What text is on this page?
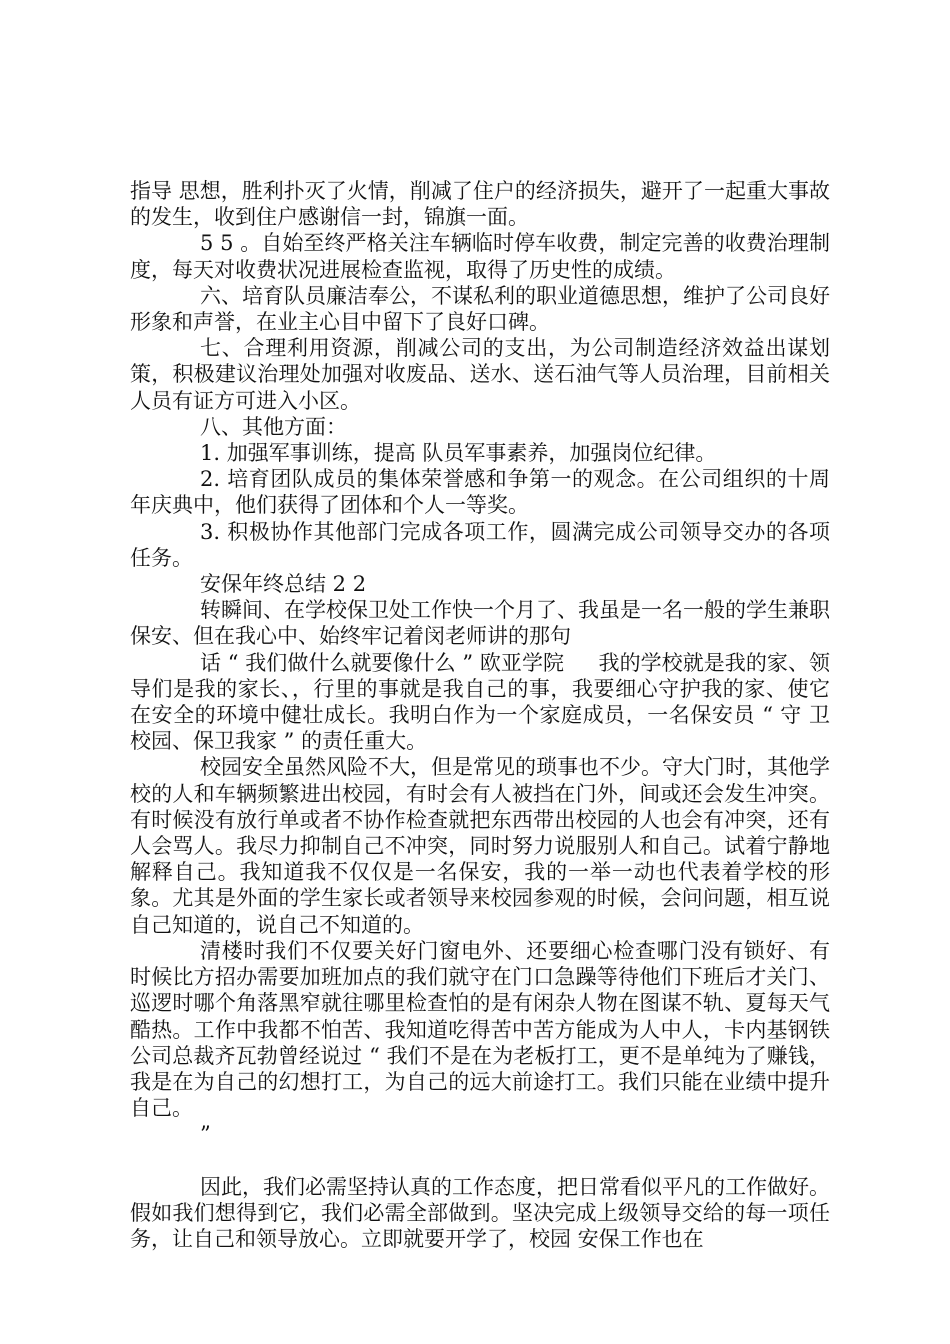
指导 思想，胜利扑灭了火情，削减了住户的经济损失，避开了一起重大事故的发生，收到住户感谢信一封，锦旗一面。

5 5 。自始至终严格关注车辆临时停车收费，制定完善的收费治理制度，每天对收费状况进展检查监视，取得了历史性的成绩。

六、培育队员廉洁奉公，不谋私利的职业道德思想，维护了公司良好形象和声誉，在业主心目中留下了良好口碑。

七、合理利用资源，削减公司的支出，为公司制造经济效益出谋划策，积极建议治理处加强对收废品、送水、送石油气等人员治理，目前相关人员有证方可进入小区。

八、其他方面：

1. 加强军事训练，提高 队员军事素养，加强岗位纪律。

2. 培育团队成员的集体荣誉感和争第一的观念。在公司组织的十周年庆典中，他们获得了团体和个人一等奖。

3. 积极协作其他部门完成各项工作，圆满完成公司领导交办的各项任务。

安保年终总结 2 2

转瞬间、在学校保卫处工作快一个月了、我虽是一名一般的学生兼职保安、但在我心中、始终牢记着闵老师讲的那句

话 “ 我们做什么就要像什么 ” 欧亚学院 　 我的学校就是我的家、领导们是我的家长、，行里的事就是我自己的事，我要细心守护我的家、使它在安全的环境中健壮成长。我明白作为一个家庭成员，一名保安员 “ 守 卫校园、保卫我家 ” 的责任重大。

校园安全虽然风险不大，但是常见的琐事也不少。守大门时，其他学校的人和车辆频繁进出校园，有时会有人被挡在门外，间或还会发生冲突。有时候没有放行单或者不协作检查就把东西带出校园的人也会有冲突，还有人会骂人。我尽力抑制自己不冲突，同时努力说服别人和自己。试着宁静地解释自己。我知道我不仅仅是一名保安，我的一举一动也代表着学校的形象。尤其是外面的学生家长或者领导来校园参观的时候，会问问题，相互说自己知道的，说自己不知道的。

清楼时我们不仅要关好门窗电外、还要细心检查哪门没有锁好、有 时候比方招办需要加班加点的我们就守在门口急躁等待他们下班后才关门、巡逻时哪个角落黑窄就往哪里检查怕的是有闲杂人物在图谋不轨、夏每天气酷热。工作中我都不怕苦、我知道吃得苦中苦方能成为人中人，卡内基钢铁公司总裁齐瓦勃曾经说过 “ 我们不是在为老板打工，更不是单纯为了赚钱，我是在为自己的幻想打工，为自己的远大前途打工。我们只能在业绩中提升自己。

”

因此，我们必需坚持认真的工作态度，把日常看似平凡的工作做好。假如我们想得到它，我们必需全部做到。坚决完成上级领导交给的每一项任务，让自己和领导放心。立即就要开学了，校园 安保工作也在
